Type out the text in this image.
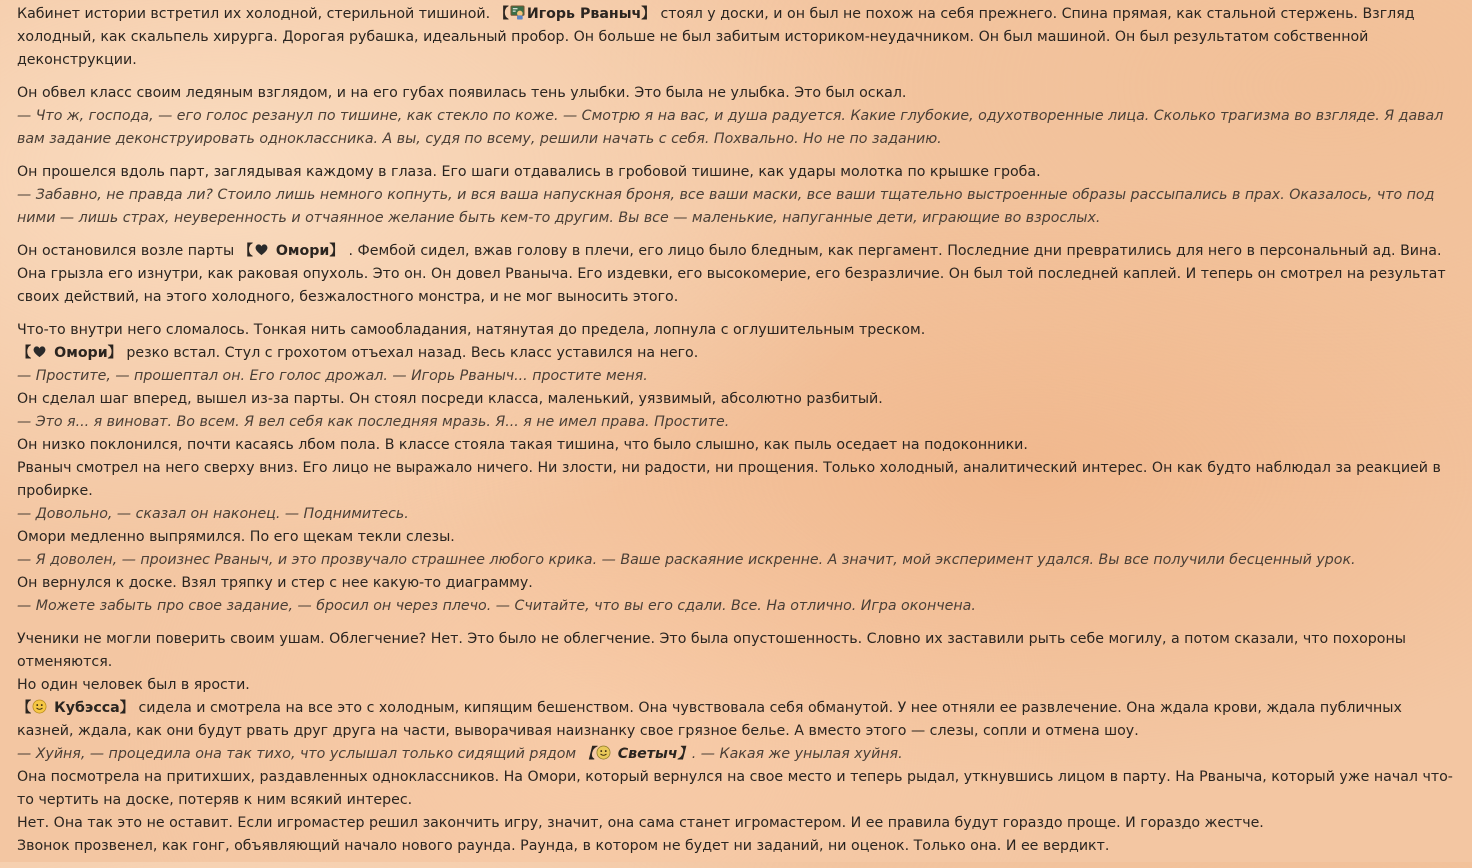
Кабинет истории встретил их холодной, стерильной тишиной. 【 Игорь Рваныч】 стоял у доски, и он был не похож на себя прежнего. Спина прямая, как стальной стержень. Взгляд холодный, как скальпель хирурга. Дорогая рубашка, идеальный пробор. Он больше не был забитым историком-неудачником. Он был машиной. Он был результатом собственной деконструкции.

Он обвел класс своим ледяным взглядом, и на его губах появилась тень улыбки. Это была не улыбка. Это был оскал.
— Что ж, господа, — его голос резанул по тишине, как стекло по коже. — Смотрю я на вас, и душа радуется. Какие глубокие, одухотворенные лица. Сколько трагизма во взгляде. Я давал вам задание деконструировать одноклассника. А вы, судя по всему, решили начать с себя. Похвально. Но не по заданию.

Он прошелся вдоль парт, заглядывая каждому в глаза. Его шаги отдавались в гробовой тишине, как удары молотка по крышке гроба.
— Забавно, не правда ли? Стоило лишь немного копнуть, и вся ваша напускная броня, все ваши маски, все ваши тщательно выстроенные образы рассыпались в прах. Оказалось, что под ними — лишь страх, неуверенность и отчаянное желание быть кем-то другим. Вы все — маленькие, напуганные дети, играющие во взрослых.

Он остановился возле парты 【 Омори】 . Фембой сидел, вжав голову в плечи, его лицо было бледным, как пергамент. Последние дни превратились для него в персональный ад. Вина. Она грызла его изнутри, как раковая опухоль. Это он. Он довел Рваныча. Его издевки, его высокомерие, его безразличие. Он был той последней каплей. И теперь он смотрел на результат своих действий, на этого холодного, безжалостного монстра, и не мог выносить этого.

Что-то внутри него сломалось. Тонкая нить самообладания, натянутая до предела, лопнула с оглушительным треском.
【 Омори】 резко встал. Стул с грохотом отъехал назад. Весь класс уставился на него.
— Простите, — прошептал он. Его голос дрожал. — Игорь Рваныч... простите меня.
Он сделал шаг вперед, вышел из-за парты. Он стоял посреди класса, маленький, уязвимый, абсолютно разбитый.
— Это я... я виноват. Во всем. Я вел себя как последняя мразь. Я... я не имел права. Простите.
Он низко поклонился, почти касаясь лбом пола. В классе стояла такая тишина, что было слышно, как пыль оседает на подоконники.
Рваныч смотрел на него сверху вниз. Его лицо не выражало ничего. Ни злости, ни радости, ни прощения. Только холодный, аналитический интерес. Он как будто наблюдал за реакцией в пробирке.
— Довольно, — сказал он наконец. — Поднимитесь.
Омори медленно выпрямился. По его щекам текли слезы.
— Я доволен, — произнес Рваныч, и это прозвучало страшнее любого крика. — Ваше раскаяние искренне. А значит, мой эксперимент удался. Вы все получили бесценный урок.
Он вернулся к доске. Взял тряпку и стер с нее какую-то диаграмму.
— Можете забыть про свое задание, — бросил он через плечо. — Считайте, что вы его сдали. Все. На отлично. Игра окончена.

Ученики не могли поверить своим ушам. Облегчение? Нет. Это было не облегчение. Это была опустошенность. Словно их заставили рыть себе могилу, а потом сказали, что похороны отменяются.
Но один человек был в ярости.
【 Кубэсса】 сидела и смотрела на все это с холодным, кипящим бешенством. Она чувствовала себя обманутой. У нее отняли ее развлечение. Она ждала крови, ждала публичных казней, ждала, как они будут рвать друг друга на части, выворачивая наизнанку свое грязное белье. А вместо этого — слезы, сопли и отмена шоу.
— Хуйня, — процедила она так тихо, что услышал только сидящий рядом 【 Светыч】. — Какая же унылая хуйня.
Она посмотрела на притихших, раздавленных одноклассников. На Омори, который вернулся на свое место и теперь рыдал, уткнувшись лицом в парту. На Рваныча, который уже начал что-то чертить на доске, потеряв к ним всякий интерес.
Нет. Она так это не оставит. Если игромастер решил закончить игру, значит, она сама станет игромастером. И ее правила будут гораздо проще. И гораздо жестче.
Звонок прозвенел, как гонг, объявляющий начало нового раунда. Раунда, в котором не будет ни заданий, ни оценок. Только она. И ее вердикт.
